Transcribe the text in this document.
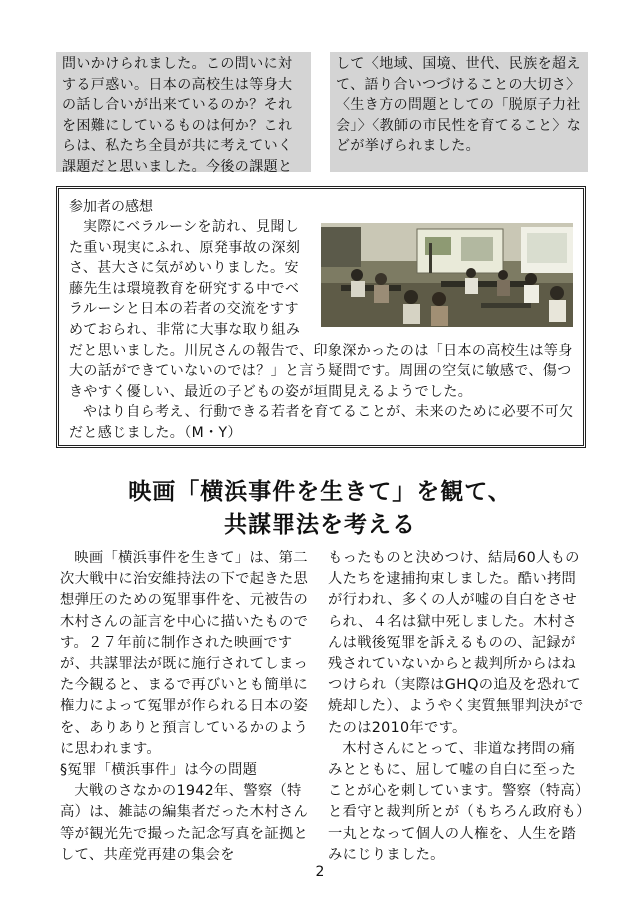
問いかけられました。この問いに対する戸惑い。日本の高校生は等身大の話し合いが出来ているのか？それを困難にしているものは何か？これらは、私たち全員が共に考えていく課題だと思いました。今後の課題と

して〈地域、国境、世代、民族を超えて、語り合いつづけることの大切さ〉〈生き方の問題としての「脱原子力社会」〉〈教師の市民性を育てること〉などが挙げられました。

参加者の感想

実際にベラルーシを訪れ、見聞した重い現実にふれ、原発事故の深刻さ、甚大さに気がめいりました。安藤先生は環境教育を研究する中でベラルーシと日本の若者の交流をすすめておられ、非常に大事な取り組みだと思いました。川尻さんの報告で、印象深かったのは「日本の高校生は等身大の話ができていないのでは？」と言う疑問です。周囲の空気に敏感で、傷つきやすく優しい、最近の子どもの姿が垣間見えるようでした。

やはり自ら考え、行動できる若者を育てることが、未来のために必要不可欠だと感じました。（M・Y）

映画「横浜事件を生きて」を観て、
共謀罪法を考える

映画「横浜事件を生きて」は、第二次大戦中に治安維持法の下で起きた思想弾圧のための冤罪事件を、元被告の木村さんの証言を中心に描いたものです。２７年前に制作された映画ですが、共謀罪法が既に施行されてしまった今観ると、まるで再びいとも簡単に権力によって冤罪が作られる日本の姿を、ありありと預言しているかのように思われます。

§冤罪「横浜事件」は今の問題

大戦のさなかの1942年、警察（特高）は、雑誌の編集者だった木村さん等が観光先で撮った記念写真を証拠として、共産党再建の集会を

もったものと決めつけ、結局60人もの人たちを逮捕拘束しました。酷い拷問が行われ、多くの人が嘘の自白をさせられ、４名は獄中死しました。木村さんは戦後冤罪を訴えるものの、記録が残されていないからと裁判所からはねつけられ（実際はGHQの追及を恐れて焼却した）、ようやく実質無罪判決がでたのは2010年です。

木村さんにとって、非道な拷問の痛みとともに、屈して嘘の自白に至ったことが心を刺しています。警察（特高）と看守と裁判所とが（もちろん政府も）一丸となって個人の人権を、人生を踏みにじりました。

2
